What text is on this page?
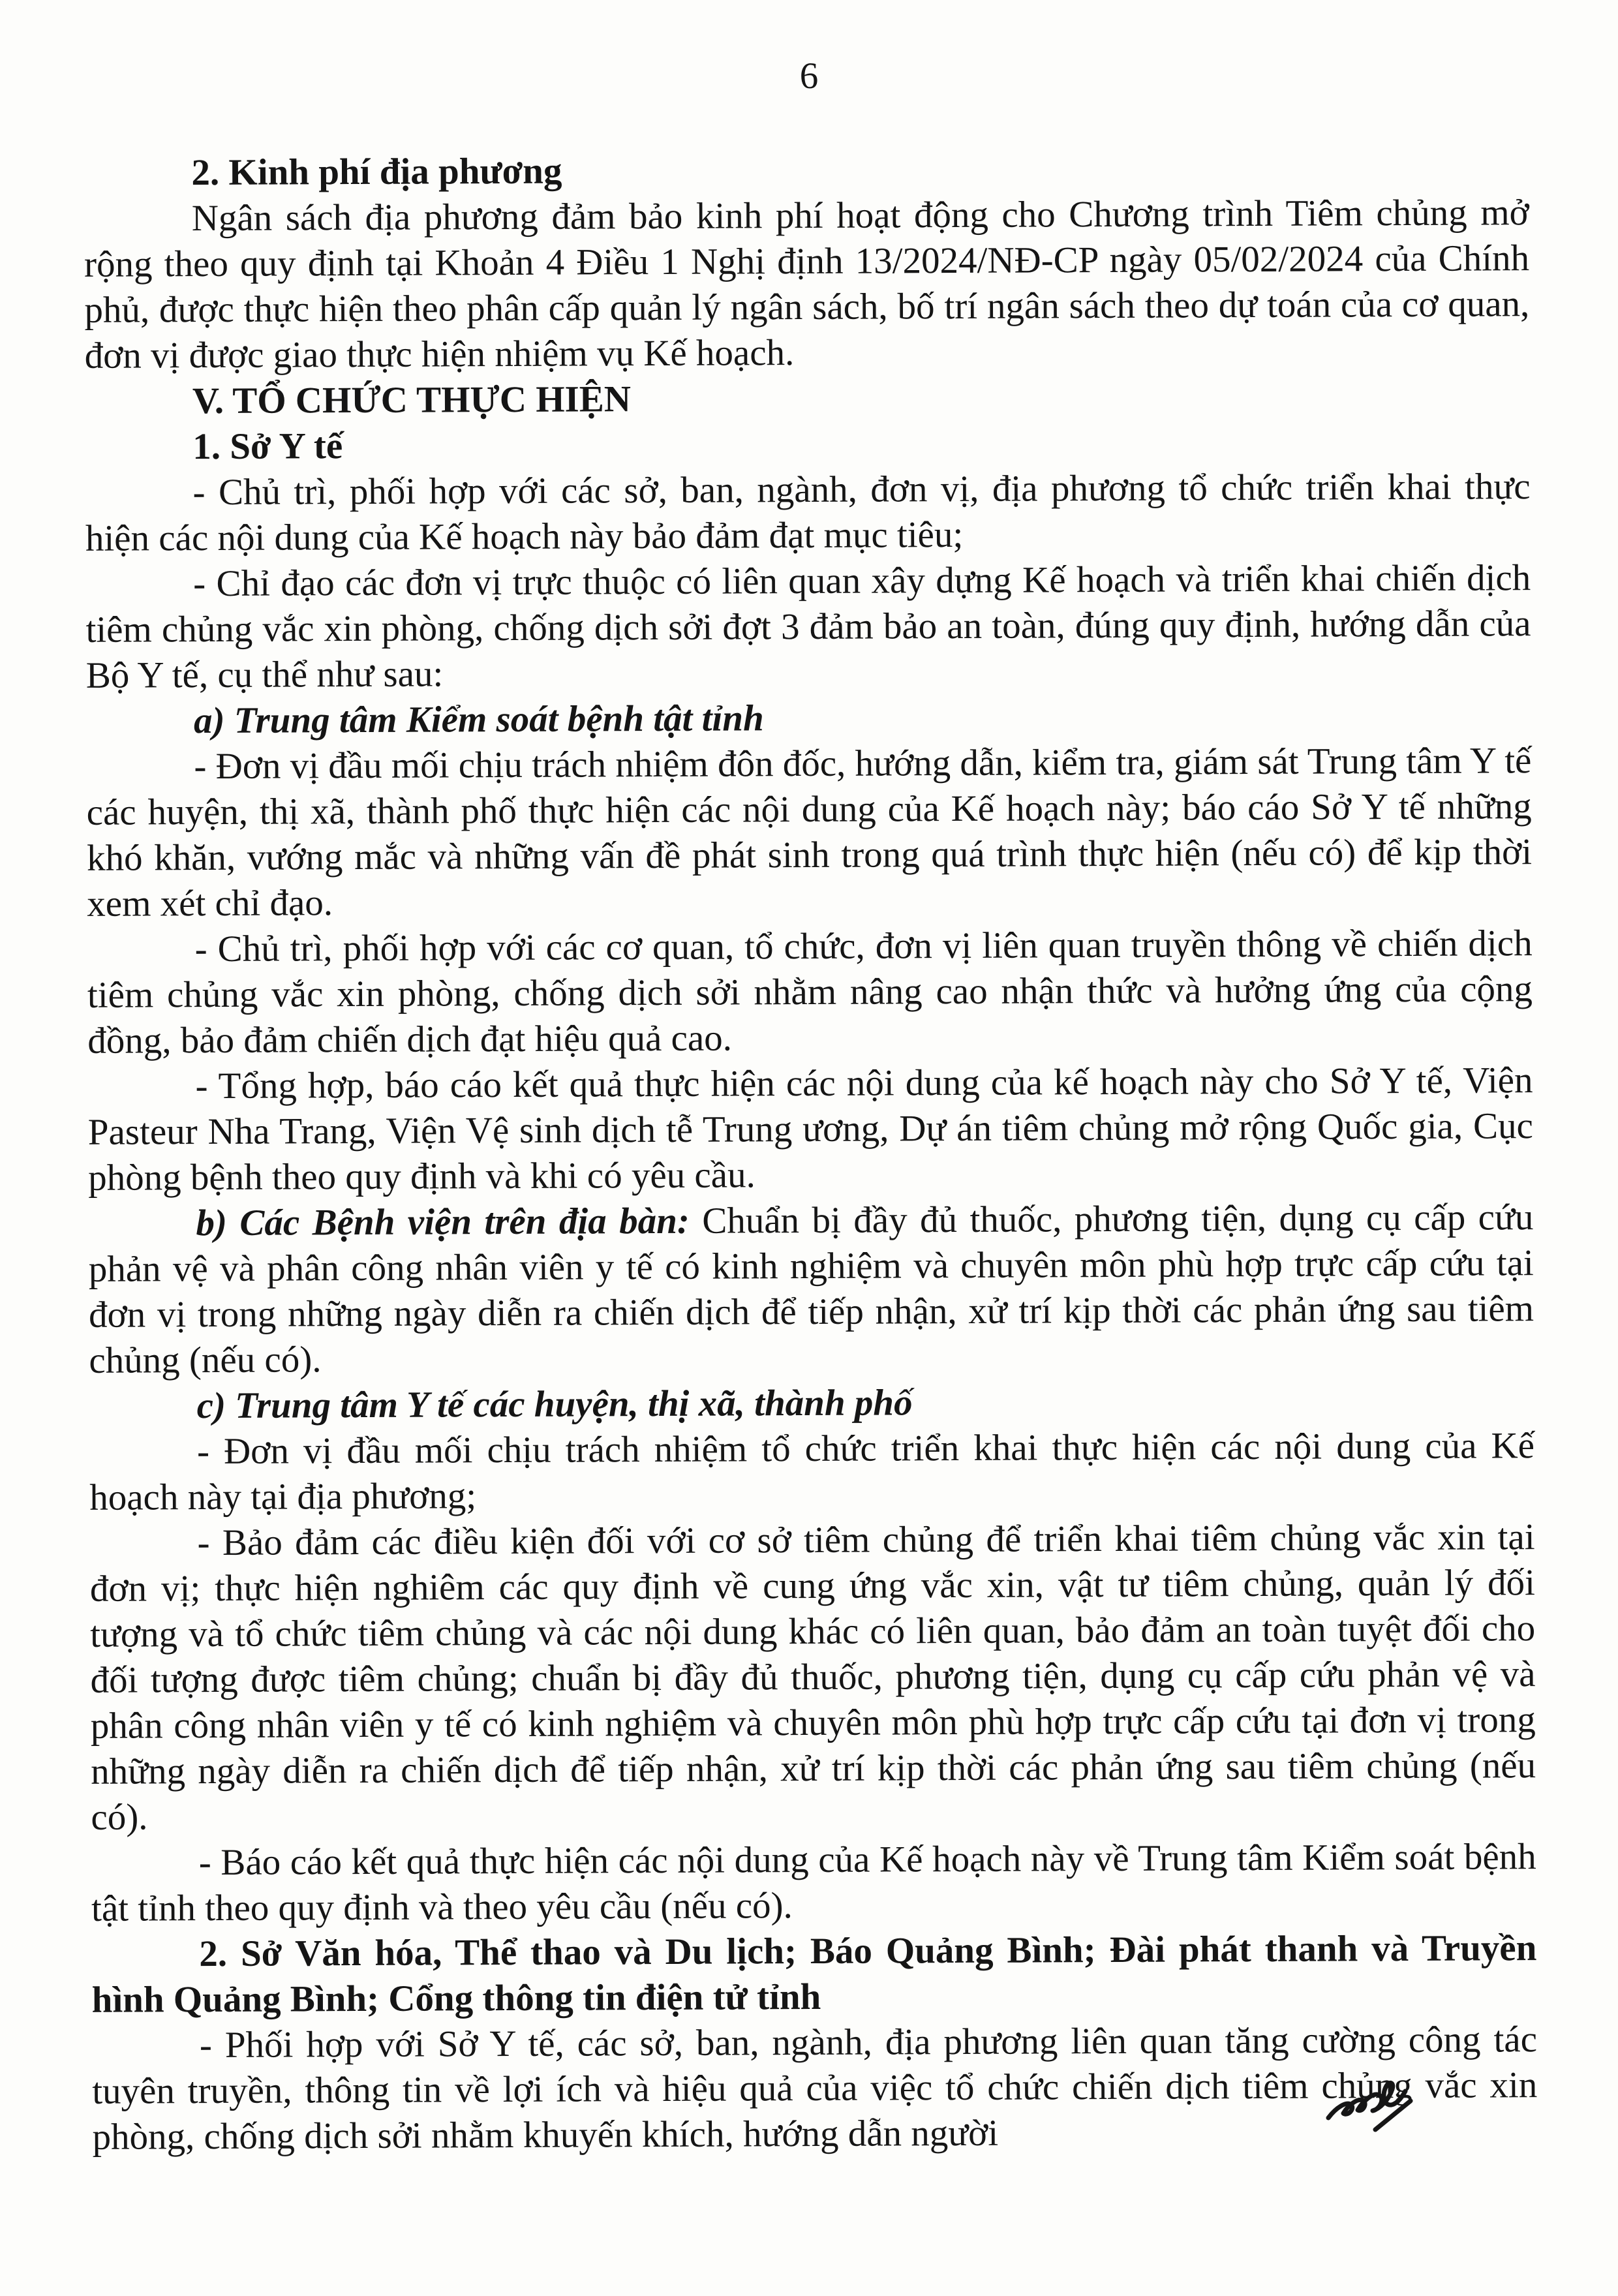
6

2. Kinh phí địa phương

Ngân sách địa phương đảm bảo kinh phí hoạt động cho Chương trình Tiêm chủng mở rộng theo quy định tại Khoản 4 Điều 1 Nghị định 13/2024/NĐ-CP ngày 05/02/2024 của Chính phủ, được thực hiện theo phân cấp quản lý ngân sách, bố trí ngân sách theo dự toán của cơ quan, đơn vị được giao thực hiện nhiệm vụ Kế hoạch.

V. TỔ CHỨC THỰC HIỆN

1. Sở Y tế

- Chủ trì, phối hợp với các sở, ban, ngành, đơn vị, địa phương tổ chức triển khai thực hiện các nội dung của Kế hoạch này bảo đảm đạt mục tiêu;

- Chỉ đạo các đơn vị trực thuộc có liên quan xây dựng Kế hoạch và triển khai chiến dịch tiêm chủng vắc xin phòng, chống dịch sởi đợt 3 đảm bảo an toàn, đúng quy định, hướng dẫn của Bộ Y tế, cụ thể như sau:

a) Trung tâm Kiểm soát bệnh tật tỉnh

- Đơn vị đầu mối chịu trách nhiệm đôn đốc, hướng dẫn, kiểm tra, giám sát Trung tâm Y tế các huyện, thị xã, thành phố thực hiện các nội dung của Kế hoạch này; báo cáo Sở Y tế những khó khăn, vướng mắc và những vấn đề phát sinh trong quá trình thực hiện (nếu có) để kịp thời xem xét chỉ đạo.

- Chủ trì, phối hợp với các cơ quan, tổ chức, đơn vị liên quan truyền thông về chiến dịch tiêm chủng vắc xin phòng, chống dịch sởi nhằm nâng cao nhận thức và hưởng ứng của cộng đồng, bảo đảm chiến dịch đạt hiệu quả cao.

- Tổng hợp, báo cáo kết quả thực hiện các nội dung của kế hoạch này cho Sở Y tế, Viện Pasteur Nha Trang, Viện Vệ sinh dịch tễ Trung ương, Dự án tiêm chủng mở rộng Quốc gia, Cục phòng bệnh theo quy định và khi có yêu cầu.

b) Các Bệnh viện trên địa bàn: Chuẩn bị đầy đủ thuốc, phương tiện, dụng cụ cấp cứu phản vệ và phân công nhân viên y tế có kinh nghiệm và chuyên môn phù hợp trực cấp cứu tại đơn vị trong những ngày diễn ra chiến dịch để tiếp nhận, xử trí kịp thời các phản ứng sau tiêm chủng (nếu có).

c) Trung tâm Y tế các huyện, thị xã, thành phố

- Đơn vị đầu mối chịu trách nhiệm tổ chức triển khai thực hiện các nội dung của Kế hoạch này tại địa phương;

- Bảo đảm các điều kiện đối với cơ sở tiêm chủng để triển khai tiêm chủng vắc xin tại đơn vị; thực hiện nghiêm các quy định về cung ứng vắc xin, vật tư tiêm chủng, quản lý đối tượng và tổ chức tiêm chủng và các nội dung khác có liên quan, bảo đảm an toàn tuyệt đối cho đối tượng được tiêm chủng; chuẩn bị đầy đủ thuốc, phương tiện, dụng cụ cấp cứu phản vệ và phân công nhân viên y tế có kinh nghiệm và chuyên môn phù hợp trực cấp cứu tại đơn vị trong những ngày diễn ra chiến dịch để tiếp nhận, xử trí kịp thời các phản ứng sau tiêm chủng (nếu có).

- Báo cáo kết quả thực hiện các nội dung của Kế hoạch này về Trung tâm Kiểm soát bệnh tật tỉnh theo quy định và theo yêu cầu (nếu có).

2. Sở Văn hóa, Thể thao và Du lịch; Báo Quảng Bình; Đài phát thanh và Truyền hình Quảng Bình; Cổng thông tin điện tử tỉnh

- Phối hợp với Sở Y tế, các sở, ban, ngành, địa phương liên quan tăng cường công tác tuyên truyền, thông tin về lợi ích và hiệu quả của việc tổ chức chiến dịch tiêm chủng vắc xin phòng, chống dịch sởi nhằm khuyến khích, hướng dẫn người
